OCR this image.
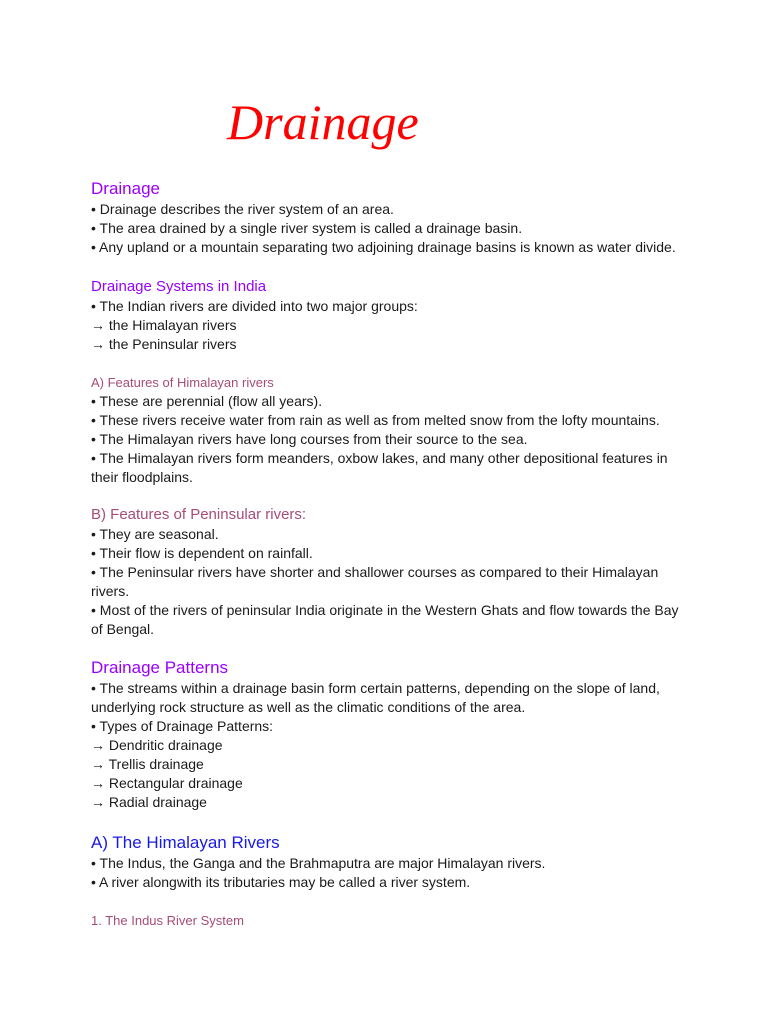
Drainage
Drainage

• Drainage describes the river system of an area.

• The area drained by a single river system is called a drainage basin.

• Any upland or a mountain separating two adjoining drainage basins is known as water divide.

Drainage Systems in India

• The Indian rivers are divided into two major groups:

→ the Himalayan rivers

→ the Peninsular rivers

A) Features of Himalayan rivers

• These are perennial (flow all years).

• These rivers receive water from rain as well as from melted snow from the lofty mountains.

• The Himalayan rivers have long courses from their source to the sea.

• The Himalayan rivers form meanders, oxbow lakes, and many other depositional features in

their floodplains.

B) Features of Peninsular rivers:

• They are seasonal.

• Their flow is dependent on rainfall.

• The Peninsular rivers have shorter and shallower courses as compared to their Himalayan

rivers.

• Most of the rivers of peninsular India originate in the Western Ghats and flow towards the Bay

of Bengal.

Drainage Patterns

• The streams within a drainage basin form certain patterns, depending on the slope of land,

underlying rock structure as well as the climatic conditions of the area.

• Types of Drainage Patterns:

→ Dendritic drainage

→ Trellis drainage

→ Rectangular drainage

→ Radial drainage

A) The Himalayan Rivers

• The Indus, the Ganga and the Brahmaputra are major Himalayan rivers.

• A river alongwith its tributaries may be called a river system.

1. The Indus River System
